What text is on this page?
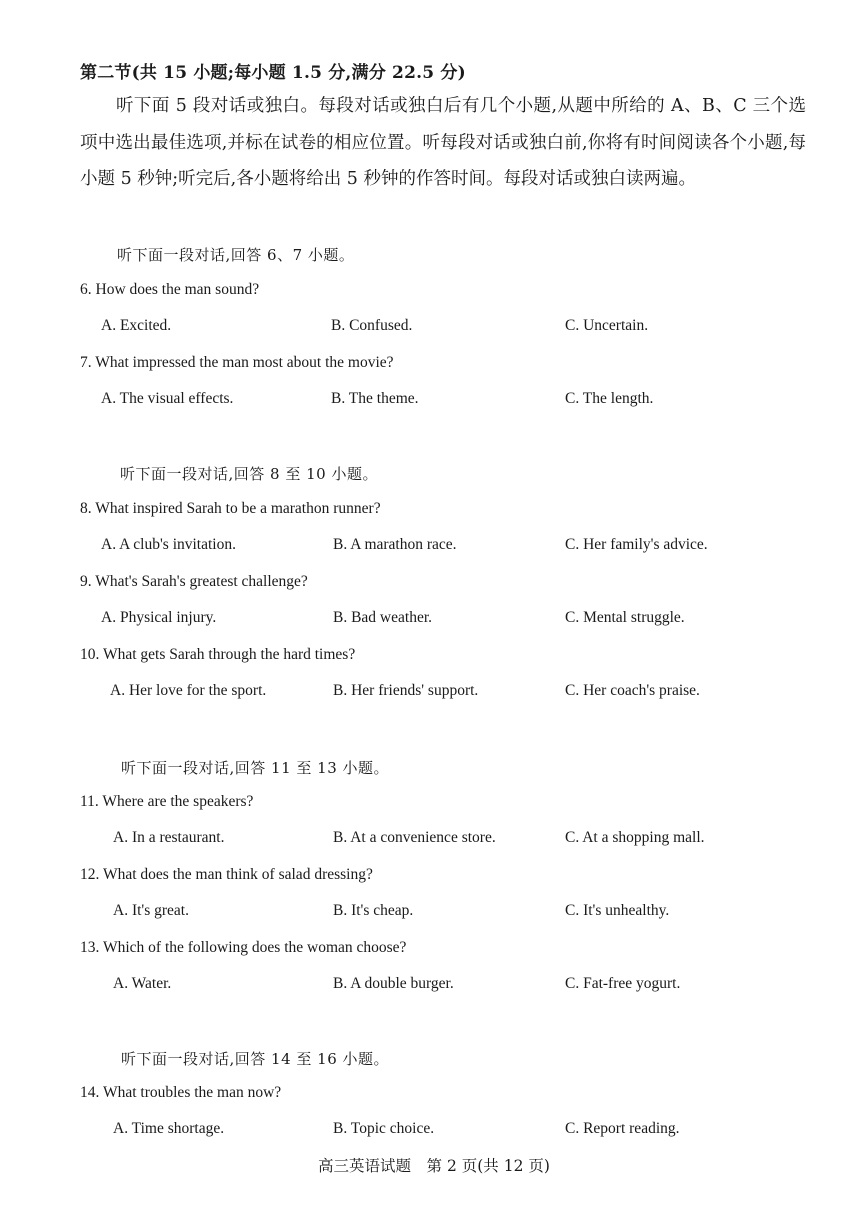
第二节(共 15 小题;每小题 1.5 分,满分 22.5 分)
听下面 5 段对话或独白。每段对话或独白后有几个小题,从题中所给的 A、B、C 三个选项中选出最佳选项,并标在试卷的相应位置。听每段对话或独白前,你将有时间阅读各个小题,每小题 5 秒钟;听完后,各小题将给出 5 秒钟的作答时间。每段对话或独白读两遍。
听下面一段对话,回答 6、7 小题。
6. How does the man sound?
A. Excited.	B. Confused.	C. Uncertain.
7. What impressed the man most about the movie?
A. The visual effects.	B. The theme.	C. The length.
听下面一段对话,回答 8 至 10 小题。
8. What inspired Sarah to be a marathon runner?
A. A club's invitation.	B. A marathon race.	C. Her family's advice.
9. What's Sarah's greatest challenge?
A. Physical injury.	B. Bad weather.	C. Mental struggle.
10. What gets Sarah through the hard times?
A. Her love for the sport.	B. Her friends' support.	C. Her coach's praise.
听下面一段对话,回答 11 至 13 小题。
11. Where are the speakers?
A. In a restaurant.	B. At a convenience store.	C. At a shopping mall.
12. What does the man think of salad dressing?
A. It's great.	B. It's cheap.	C. It's unhealthy.
13. Which of the following does the woman choose?
A. Water.	B. A double burger.	C. Fat-free yogurt.
听下面一段对话,回答 14 至 16 小题。
14. What troubles the man now?
A. Time shortage.	B. Topic choice.	C. Report reading.
高三英语试题　第 2 页(共 12 页)
